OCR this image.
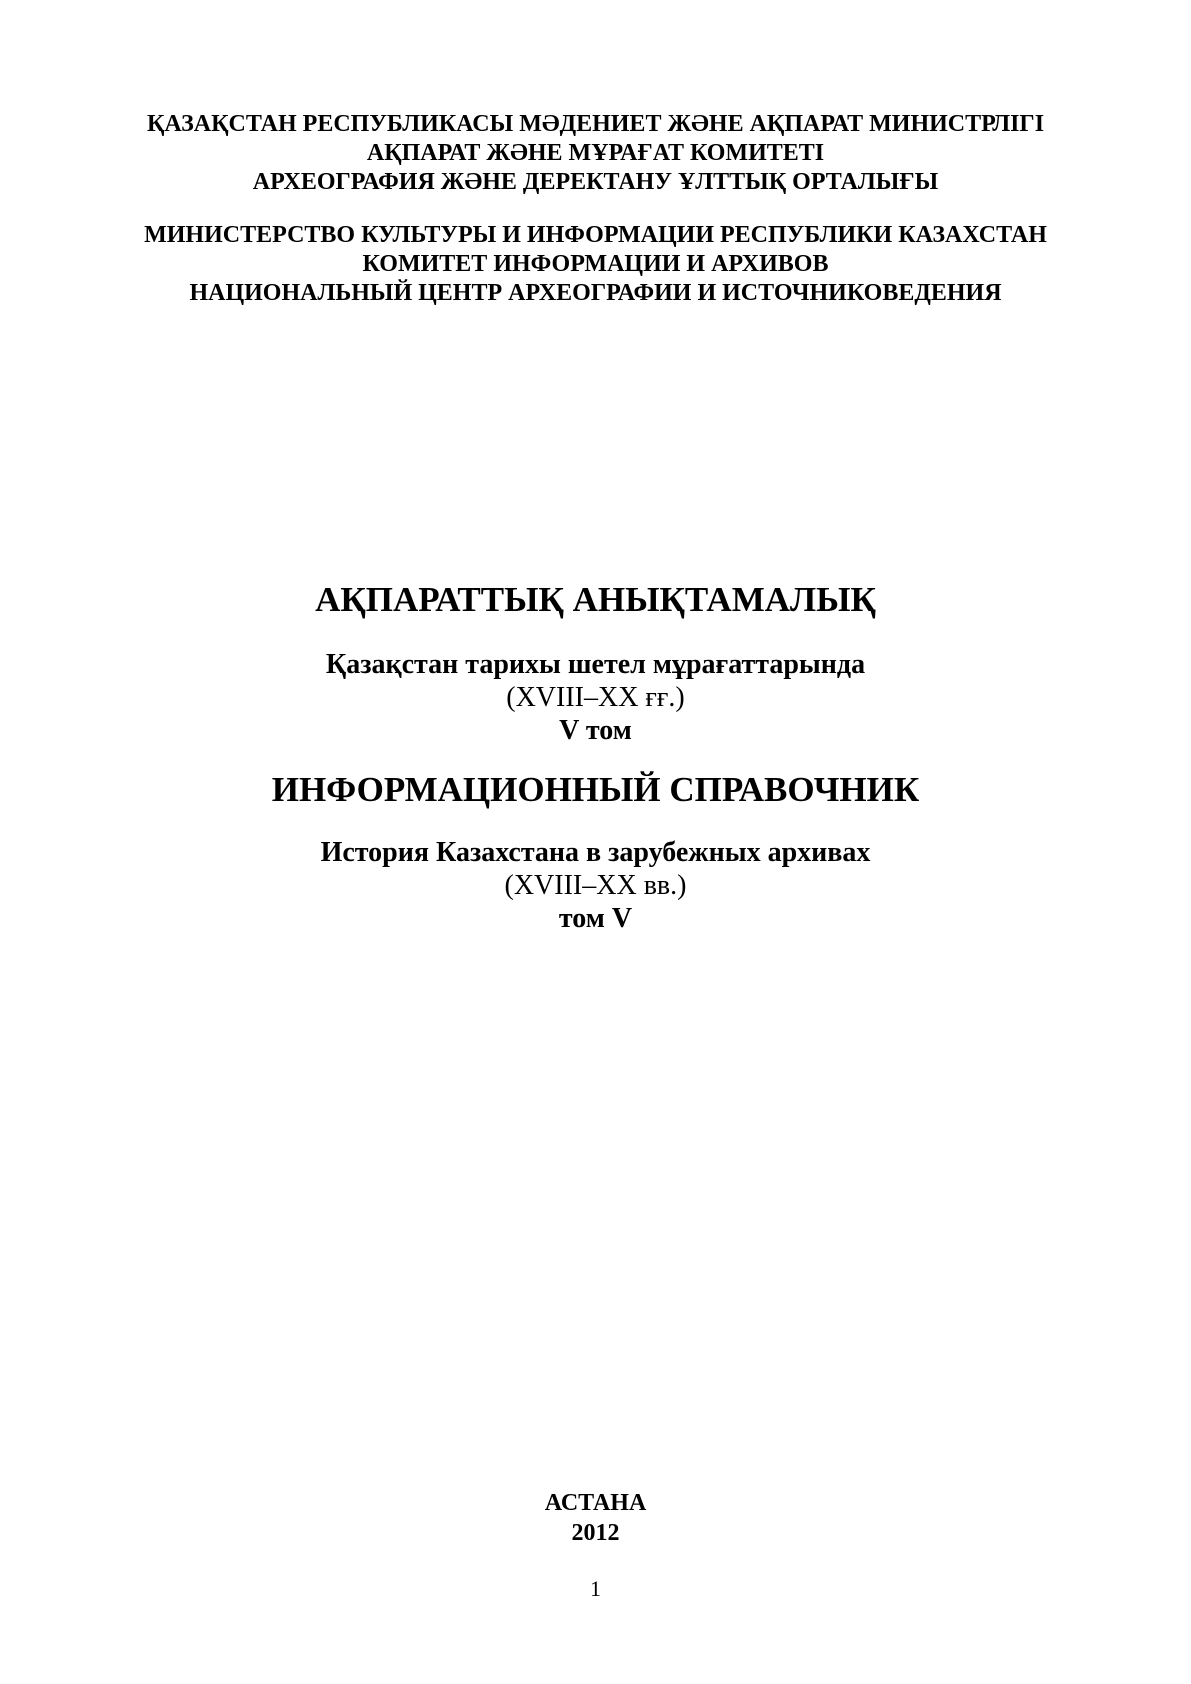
ҚАЗАҚСТАН РЕСПУБЛИКАСЫ МӘДЕНИЕТ ЖӘНЕ АҚПАРАТ МИНИСТРЛІГІ
АҚПАРАТ ЖӘНЕ МҰРАҒАТ КОМИТЕТІ
АРХЕОГРАФИЯ ЖӘНЕ ДЕРЕКТАНУ ҰЛТТЫҚ ОРТАЛЫҒЫ
МИНИСТЕРСТВО КУЛЬТУРЫ И ИНФОРМАЦИИ РЕСПУБЛИКИ КАЗАХСТАН
КОМИТЕТ ИНФОРМАЦИИ И АРХИВОВ
НАЦИОНАЛЬНЫЙ ЦЕНТР АРХЕОГРАФИИ И ИСТОЧНИКОВЕДЕНИЯ
АҚПАРАТТЫҚ АНЫҚТАМАЛЫҚ
Қазақстан тарихы шетел мұрағаттарында
(XVIII–XX ғғ.)
V том
ИНФОРМАЦИОННЫЙ СПРАВОЧНИК
История Казахстана в зарубежных архивах
(XVIII–XX вв.)
том V
АСТАНА
2012
1
